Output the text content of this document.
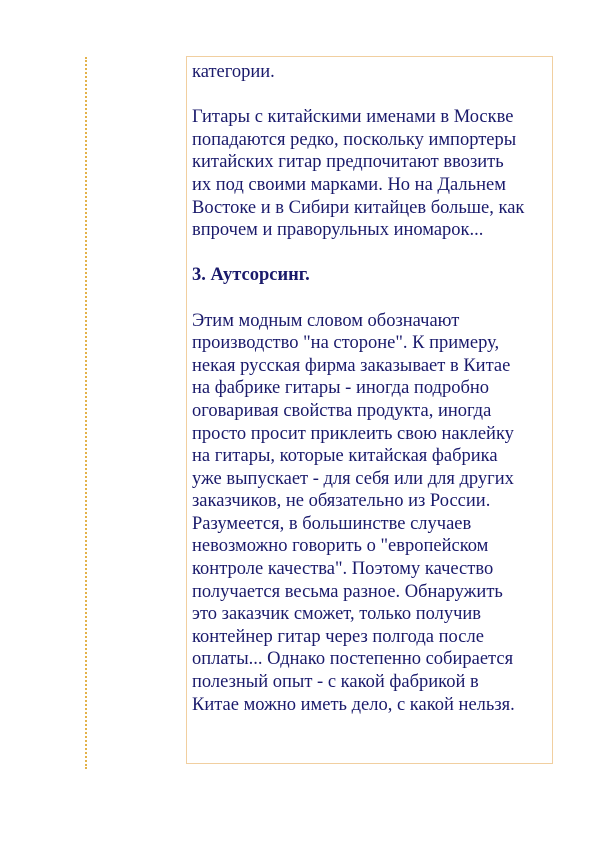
категории.
Гитары с китайскими именами в Москве
попадаются редко, поскольку импортеры
китайских гитар предпочитают ввозить
их под своими марками. Но на Дальнем
Востоке и в Сибири китайцев больше, как
впрочем и праворульных иномарок...
3. Аутсорсинг.
Этим модным словом обозначают
производство "на стороне". К примеру,
некая русская фирма заказывает в Китае
на фабрике гитары - иногда подробно
оговаривая свойства продукта, иногда
просто просит приклеить свою наклейку
на гитары, которые китайская фабрика
уже выпускает - для себя или для других
заказчиков, не обязательно из России.
Разумеется, в большинстве случаев
невозможно говорить о "европейском
контроле качества". Поэтому качество
получается весьма разное. Обнаружить
это заказчик сможет, только получив
контейнер гитар через полгода после
оплаты... Однако постепенно собирается
полезный опыт - с какой фабрикой в
Китае можно иметь дело, с какой нельзя.
